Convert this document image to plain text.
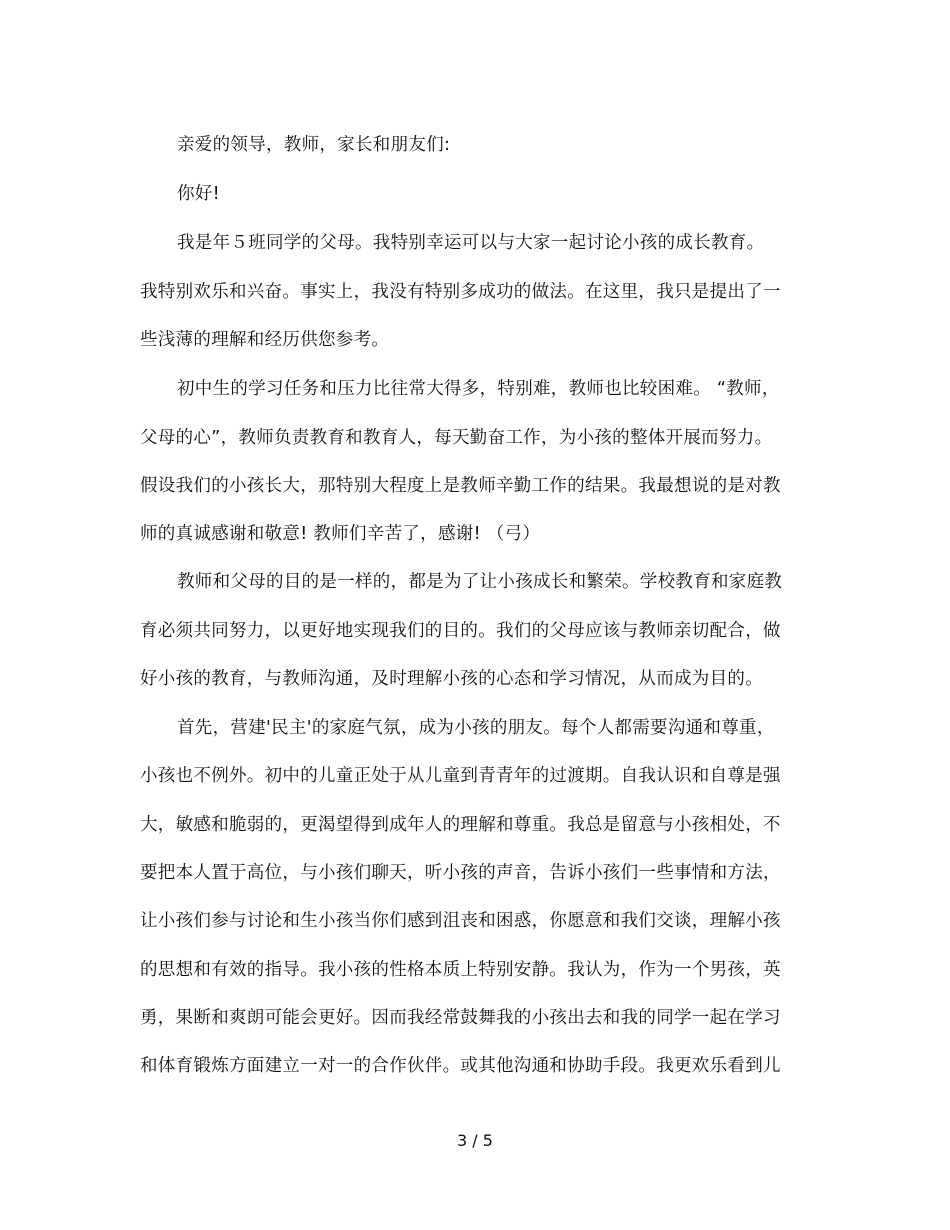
亲爱的领导，教师，家长和朋友们:
你好!
我是年５班同学的父母。我特别幸运可以与大家一起讨论小孩的成长教育。
我特别欢乐和兴奋。事实上，我没有特别多成功的做法。在这里，我只是提出了一
些浅薄的理解和经历供您参考。
初中生的学习任务和压力比往常大得多，特别难，教师也比较困难。 “教师，
父母的心”，教师负责教育和教育人，每天勤奋工作，为小孩的整体开展而努力。
假设我们的小孩长大，那特别大程度上是教师辛勤工作的结果。我最想说的是对教
师的真诚感谢和敬意! 教师们辛苦了，感谢! （弓）
教师和父母的目的是一样的，都是为了让小孩成长和繁荣。学校教育和家庭教
育必须共同努力，以更好地实现我们的目的。我们的父母应该与教师亲切配合，做
好小孩的教育，与教师沟通，及时理解小孩的心态和学习情况，从而成为目的。
首先，营建'民主'的家庭气氛，成为小孩的朋友。每个人都需要沟通和尊重，
小孩也不例外。初中的儿童正处于从儿童到青青年的过渡期。自我认识和自尊是强
大，敏感和脆弱的，更渴望得到成年人的理解和尊重。我总是留意与小孩相处，不
要把本人置于高位，与小孩们聊天，听小孩的声音，告诉小孩们一些事情和方法，
让小孩们参与讨论和生小孩当你们感到沮丧和困惑，你愿意和我们交谈，理解小孩
的思想和有效的指导。我小孩的性格本质上特别安静。我认为，作为一个男孩，英
勇，果断和爽朗可能会更好。因而我经常鼓舞我的小孩出去和我的同学一起在学习
和体育锻炼方面建立一对一的合作伙伴。或其他沟通和协助手段。我更欢乐看到儿
3 / 5
